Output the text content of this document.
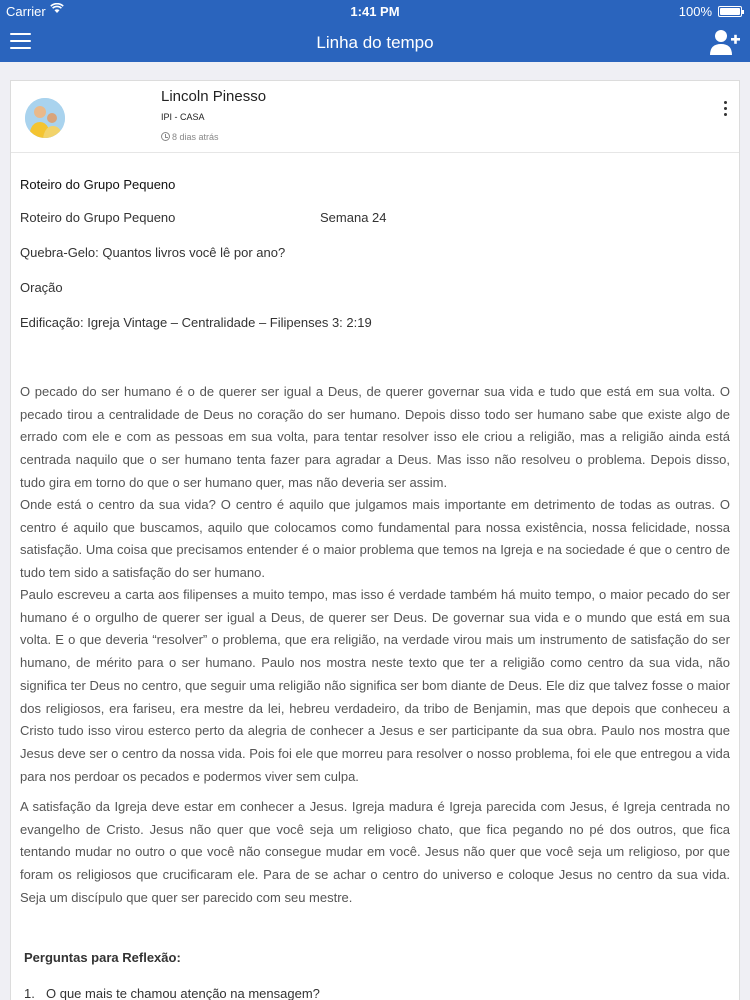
Carrier	1:41 PM	100%
Linha do tempo
Lincoln Pinesso
IPI - CASA
8 dias atrás
Roteiro do Grupo Pequeno
Roteiro do Grupo Pequeno	Semana 24
Quebra-Gelo: Quantos livros você lê por ano?
Oração
Edificação: Igreja Vintage – Centralidade – Filipenses 3: 2:19

O pecado do ser humano é o de querer ser igual a Deus, de querer governar sua vida e tudo que está em sua volta. O pecado tirou a centralidade de Deus no coração do ser humano. Depois disso todo ser humano sabe que existe algo de errado com ele e com as pessoas em sua volta, para tentar resolver isso ele criou a religião, mas a religião ainda está centrada naquilo que o ser humano tenta fazer para agradar a Deus. Mas isso não resolveu o problema. Depois disso, tudo gira em torno do que o ser humano quer, mas não deveria ser assim.

Onde está o centro da sua vida? O centro é aquilo que julgamos mais importante em detrimento de todas as outras. O centro é aquilo que buscamos, aquilo que colocamos como fundamental para nossa existência, nossa felicidade, nossa satisfação. Uma coisa que precisamos entender é o maior problema que temos na Igreja e na sociedade é que o centro de tudo tem sido a satisfação do ser humano.

Paulo escreveu a carta aos filipenses a muito tempo, mas isso é verdade também há muito tempo, o maior pecado do ser humano é o orgulho de querer ser igual a Deus, de querer ser Deus. De governar sua vida e o mundo que está em sua volta. E o que deveria “resolver” o problema, que era religião, na verdade virou mais um instrumento de satisfação do ser humano, de mérito para o ser humano. Paulo nos mostra neste texto que ter a religião como centro da sua vida, não significa ter Deus no centro, que seguir uma religião não significa ser bom diante de Deus. Ele diz que talvez fosse o maior dos religiosos, era fariseu, era mestre da lei, hebreu verdadeiro, da tribo de Benjamin, mas que depois que conheceu a Cristo tudo isso virou esterco perto da alegria de conhecer a Jesus e ser participante da sua obra. Paulo nos mostra que Jesus deve ser o centro da nossa vida. Pois foi ele que morreu para resolver o nosso problema, foi ele que entregou a vida para nos perdoar os pecados e podermos viver sem culpa.

A satisfação da Igreja deve estar em conhecer a Jesus. Igreja madura é Igreja parecida com Jesus, é Igreja centrada no evangelho de Cristo. Jesus não quer que você seja um religioso chato, que fica pegando no pé dos outros, que fica tentando mudar no outro o que você não consegue mudar em você. Jesus não quer que você seja um religioso, por que foram os religiosos que crucificaram ele. Para de se achar o centro do universo e coloque Jesus no centro da sua vida. Seja um discípulo que quer ser parecido com seu mestre.

Perguntas para Reflexão:
1. O que mais te chamou atenção na mensagem?
